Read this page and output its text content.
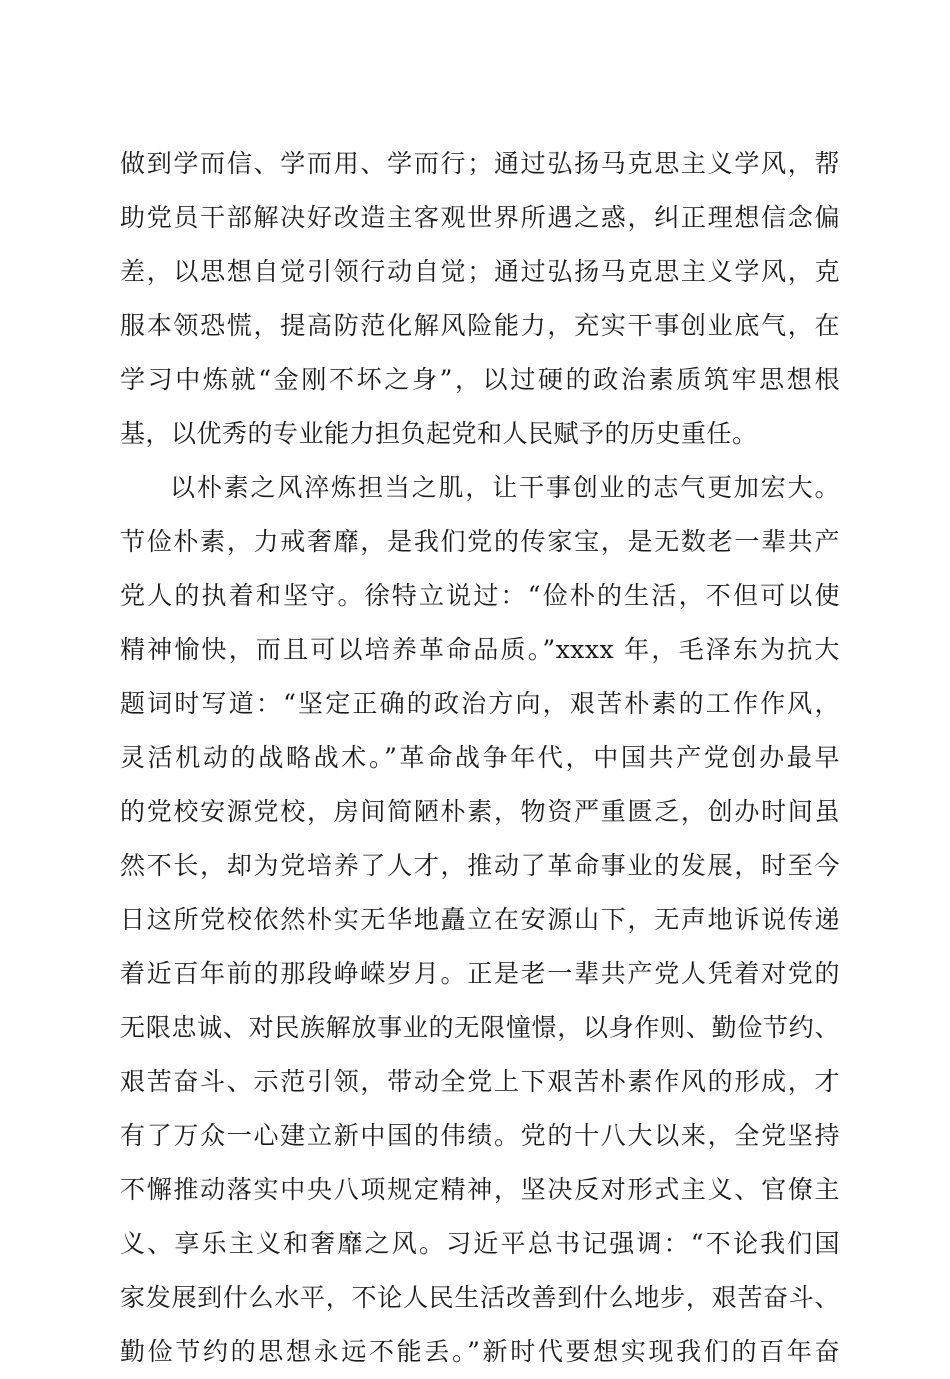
做到学而信、学而用、学而行；通过弘扬马克思主义学风，帮
助党员干部解决好改造主客观世界所遇之惑，纠正理想信念偏
差，以思想自觉引领行动自觉；通过弘扬马克思主义学风，克
服本领恐慌，提高防范化解风险能力，充实干事创业底气，在
学习中炼就“金刚不坏之身”，以过硬的政治素质筑牢思想根
基，以优秀的专业能力担负起党和人民赋予的历史重任。
以朴素之风淬炼担当之肌，让干事创业的志气更加宏大。
节俭朴素，力戒奢靡，是我们党的传家宝，是无数老一辈共产
党人的执着和坚守。徐特立说过：“俭朴的生活，不但可以使
精神愉快，而且可以培养革命品质。”xxxx 年，毛泽东为抗大
题词时写道：“坚定正确的政治方向，艰苦朴素的工作作风，
灵活机动的战略战术。”革命战争年代，中国共产党创办最早
的党校安源党校，房间简陋朴素，物资严重匮乏，创办时间虽
然不长，却为党培养了人才，推动了革命事业的发展，时至今
日这所党校依然朴实无华地矗立在安源山下，无声地诉说传递
着近百年前的那段峥嵘岁月。正是老一辈共产党人凭着对党的
无限忠诚、对民族解放事业的无限憧憬，以身作则、勤俭节约、
艰苦奋斗、示范引领，带动全党上下艰苦朴素作风的形成，才
有了万众一心建立新中国的伟绩。党的十八大以来，全党坚持
不懈推动落实中央八项规定精神，坚决反对形式主义、官僚主
义、享乐主义和奢靡之风。习近平总书记强调：“不论我们国
家发展到什么水平，不论人民生活改善到什么地步，艰苦奋斗、
勤俭节约的思想永远不能丢。”新时代要想实现我们的百年奋
